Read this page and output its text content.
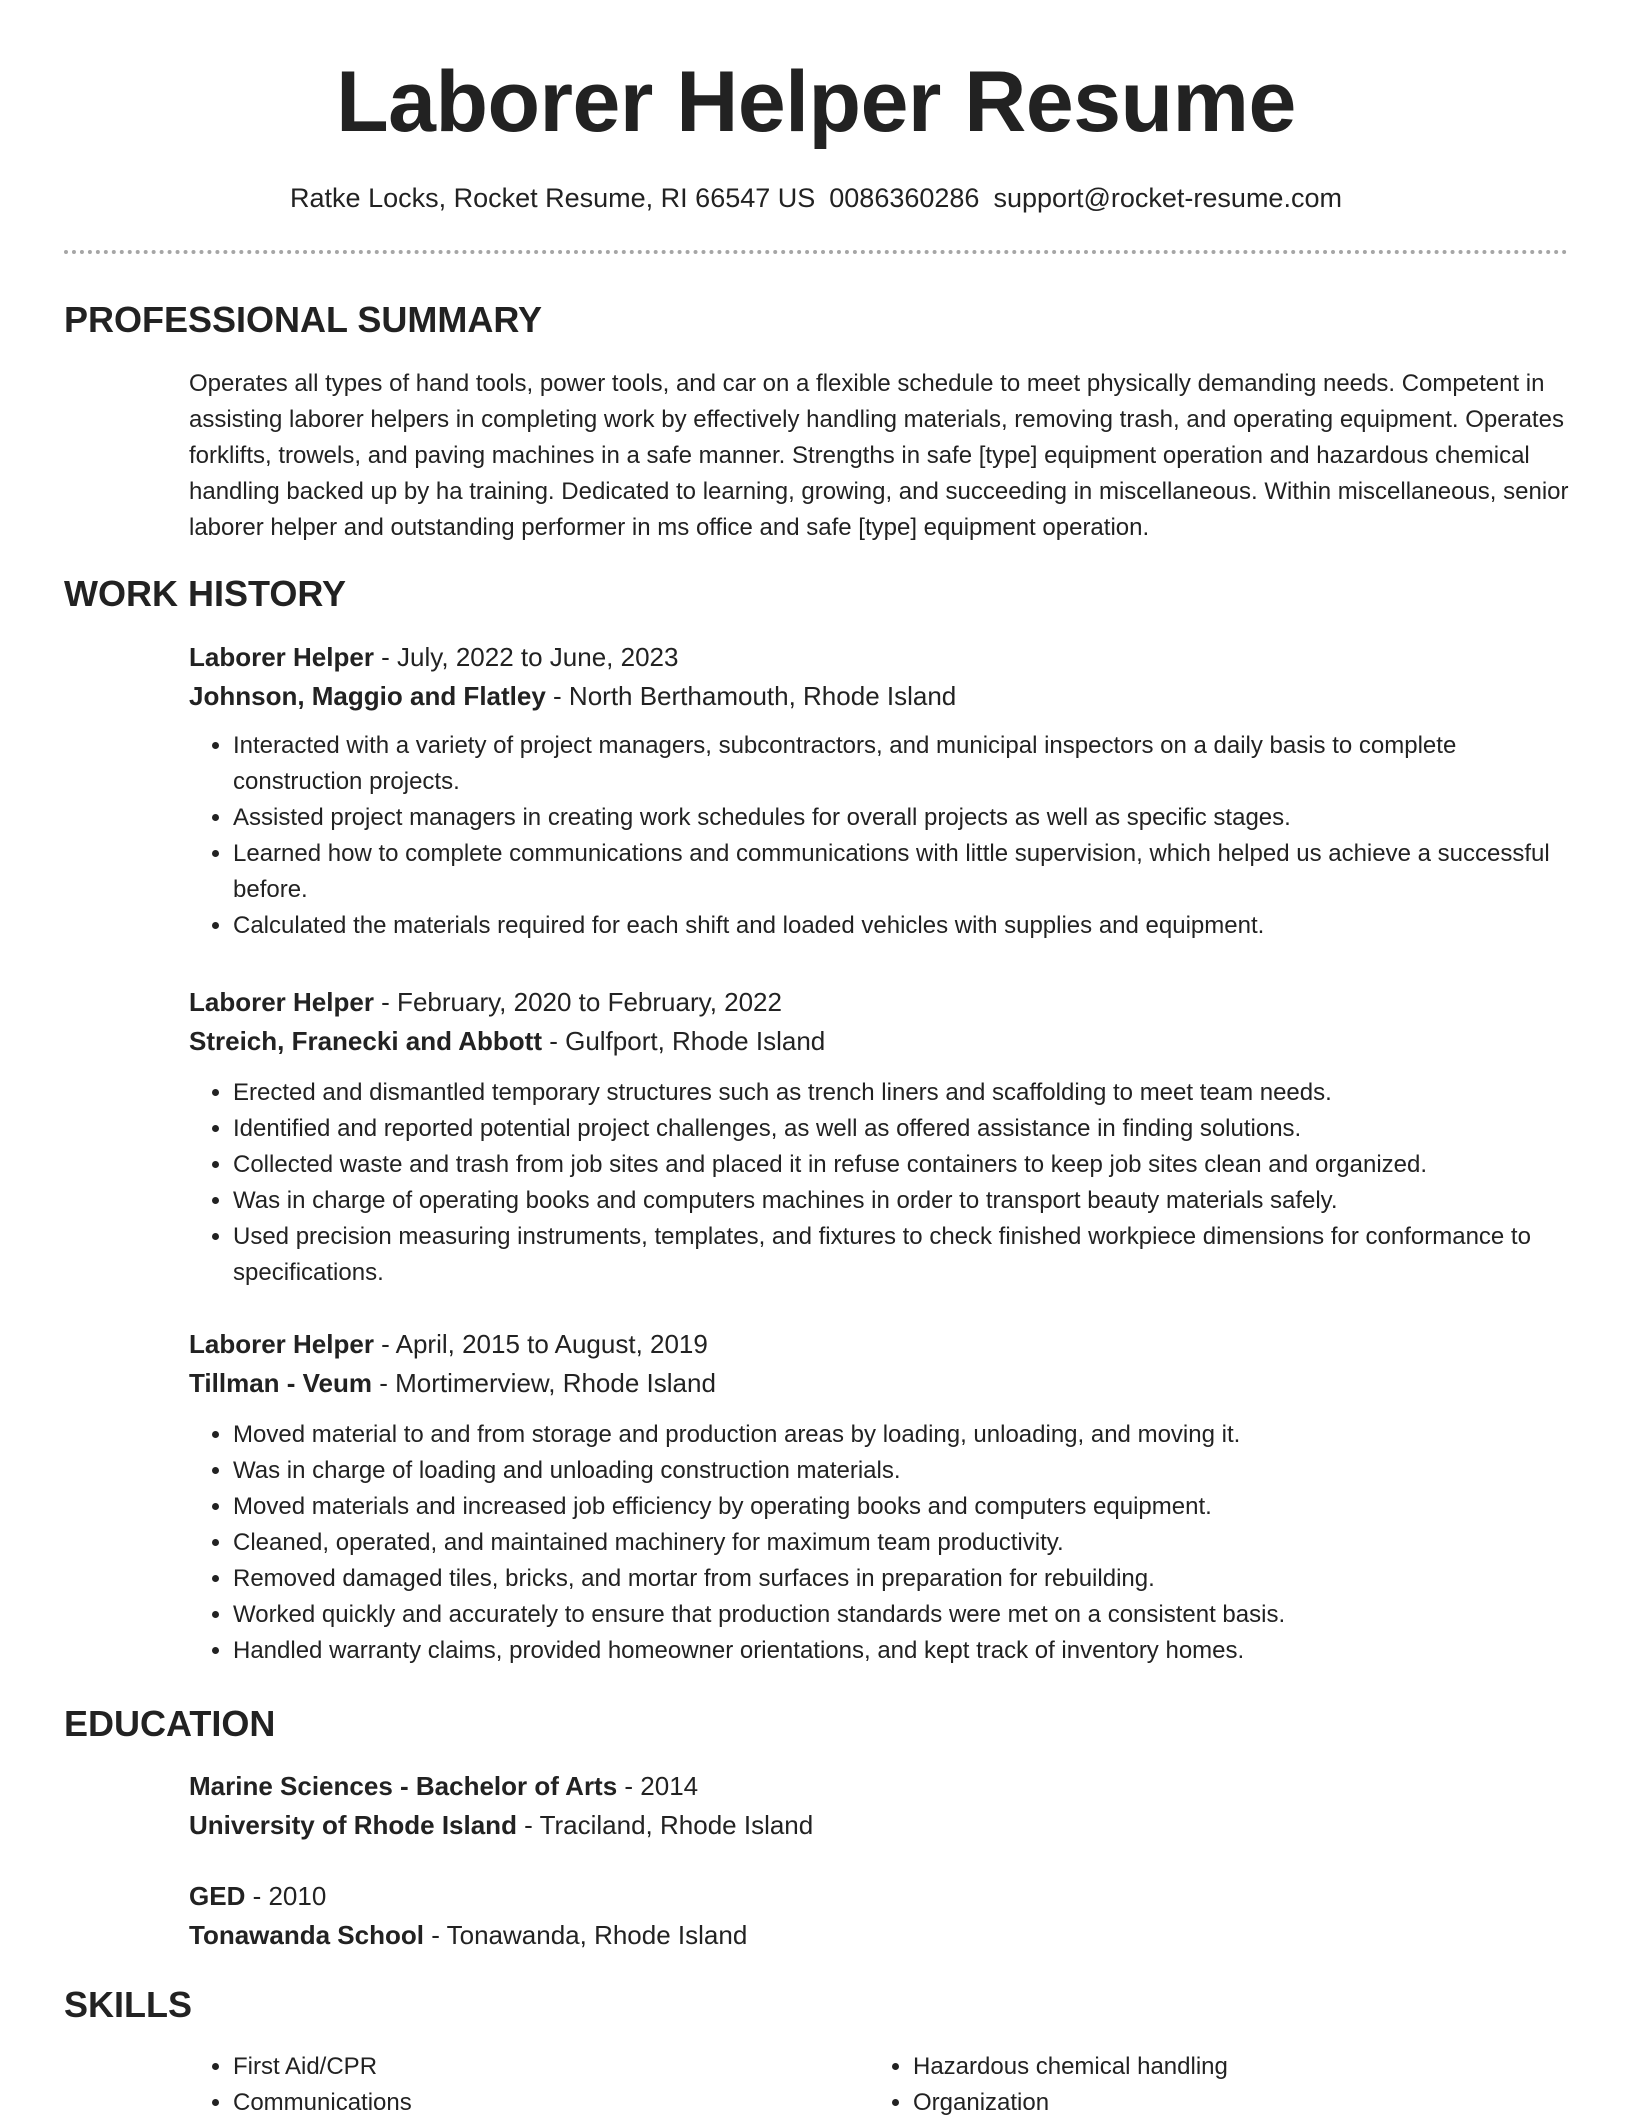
Laborer Helper Resume
Ratke Locks, Rocket Resume, RI 66547 US 0086360286 support@rocket-resume.com
PROFESSIONAL SUMMARY

Operates all types of hand tools, power tools, and car on a flexible schedule to meet physically demanding needs. Competent in assisting laborer helpers in completing work by effectively handling materials, removing trash, and operating equipment. Operates forklifts, trowels, and paving machines in a safe manner. Strengths in safe [type] equipment operation and hazardous chemical handling backed up by ha training. Dedicated to learning, growing, and succeeding in miscellaneous. Within miscellaneous, senior laborer helper and outstanding performer in ms office and safe [type] equipment operation.

WORK HISTORY
Laborer Helper - July, 2022 to June, 2023
Johnson, Maggio and Flatley - North Berthamouth, Rhode Island
• Interacted with a variety of project managers, subcontractors, and municipal inspectors on a daily basis to complete construction projects.
• Assisted project managers in creating work schedules for overall projects as well as specific stages.
• Learned how to complete communications and communications with little supervision, which helped us achieve a successful before.
• Calculated the materials required for each shift and loaded vehicles with supplies and equipment.
Laborer Helper - February, 2020 to February, 2022
Streich, Franecki and Abbott - Gulfport, Rhode Island
• Erected and dismantled temporary structures such as trench liners and scaffolding to meet team needs.
• Identified and reported potential project challenges, as well as offered assistance in finding solutions.
• Collected waste and trash from job sites and placed it in refuse containers to keep job sites clean and organized.
• Was in charge of operating books and computers machines in order to transport beauty materials safely.
• Used precision measuring instruments, templates, and fixtures to check finished workpiece dimensions for conformance to specifications.
Laborer Helper - April, 2015 to August, 2019
Tillman - Veum - Mortimerview, Rhode Island
• Moved material to and from storage and production areas by loading, unloading, and moving it.
• Was in charge of loading and unloading construction materials.
• Moved materials and increased job efficiency by operating books and computers equipment.
• Cleaned, operated, and maintained machinery for maximum team productivity.
• Removed damaged tiles, bricks, and mortar from surfaces in preparation for rebuilding.
• Worked quickly and accurately to ensure that production standards were met on a consistent basis.
• Handled warranty claims, provided homeowner orientations, and kept track of inventory homes.
EDUCATION
Marine Sciences - Bachelor of Arts - 2014
University of Rhode Island - Traciland, Rhode Island
GED - 2010
Tonawanda School - Tonawanda, Rhode Island
SKILLS
• First Aid/CPR
• Communications
• Hazardous chemical handling
• Organization
